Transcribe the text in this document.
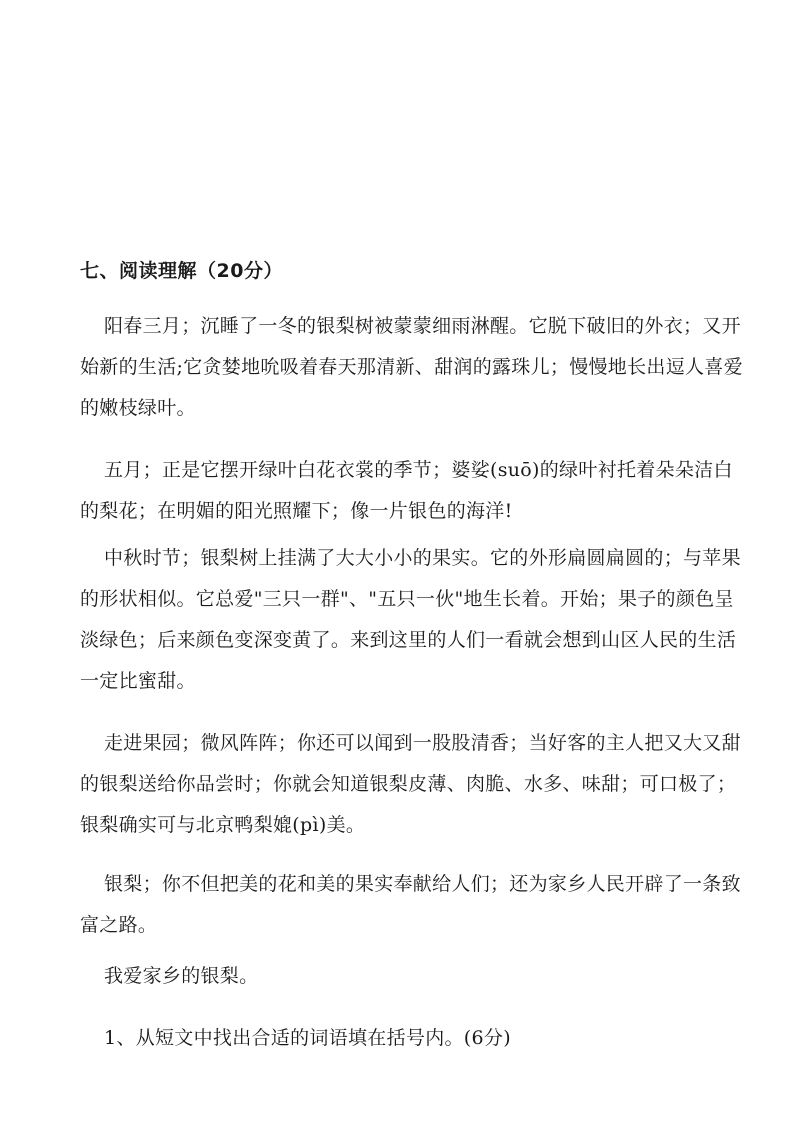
七、阅读理解（20分）
阳春三月；沉睡了一冬的银梨树被蒙蒙细雨淋醒。它脱下破旧的外衣；又开
始新的生活;它贪婪地吮吸着春天那清新、甜润的露珠儿；慢慢地长出逗人喜爱
的嫩枝绿叶。
五月；正是它摆开绿叶白花衣裳的季节；婆娑(suō)的绿叶衬托着朵朵洁白
的梨花；在明媚的阳光照耀下；像一片银色的海洋!
中秋时节；银梨树上挂满了大大小小的果实。它的外形扁圆扁圆的；与苹果
的形状相似。它总爱"三只一群"、"五只一伙"地生长着。开始；果子的颜色呈
淡绿色；后来颜色变深变黄了。来到这里的人们一看就会想到山区人民的生活
一定比蜜甜。
走进果园；微风阵阵；你还可以闻到一股股清香；当好客的主人把又大又甜
的银梨送给你品尝时；你就会知道银梨皮薄、肉脆、水多、味甜；可口极了；
银梨确实可与北京鸭梨媲(pì)美。
银梨；你不但把美的花和美的果实奉献给人们；还为家乡人民开辟了一条致
富之路。
我爱家乡的银梨。
1、从短文中找出合适的词语填在括号内。(6分)
